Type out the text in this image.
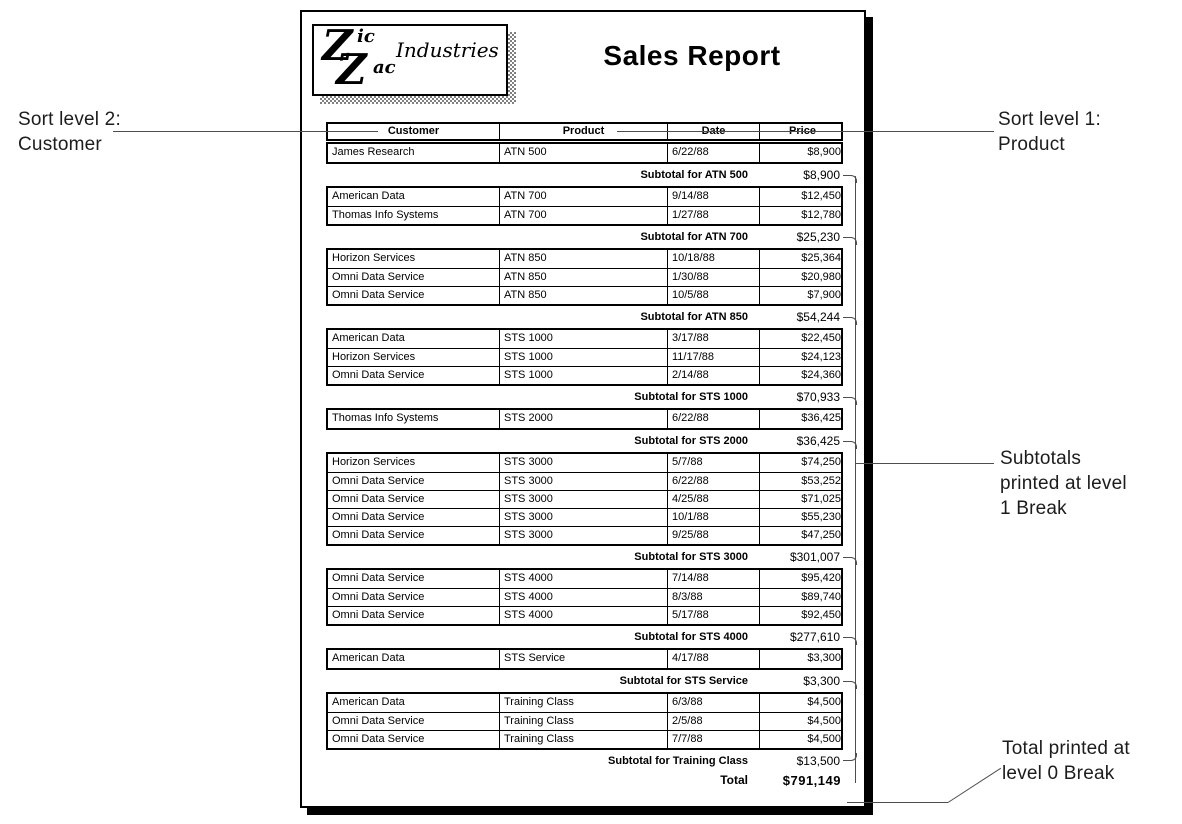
Z ic
Z ac
Industries	Sales Report
Customer	Product	Date	Price
James Research	ATN 500	6/22/88	$8,900
Subtotal for ATN 500	$8,900
American Data	ATN 700	9/14/88	$12,450
Thomas Info Systems	ATN 700	1/27/88	$12,780
Subtotal for ATN 700	$25,230
Horizon Services	ATN 850	10/18/88	$25,364
Omni Data Service	ATN 850	1/30/88	$20,980
Omni Data Service	ATN 850	10/5/88	$7,900
Subtotal for ATN 850	$54,244
American Data	STS 1000	3/17/88	$22,450
Horizon Services	STS 1000	11/17/88	$24,123
Omni Data Service	STS 1000	2/14/88	$24,360
Subtotal for STS 1000	$70,933
Thomas Info Systems	STS 2000	6/22/88	$36,425
Subtotal for STS 2000	$36,425
Horizon Services	STS 3000	5/7/88	$74,250
Omni Data Service	STS 3000	6/22/88	$53,252
Omni Data Service	STS 3000	4/25/88	$71,025
Omni Data Service	STS 3000	10/1/88	$55,230
Omni Data Service	STS 3000	9/25/88	$47,250
Subtotal for STS 3000	$301,007
Omni Data Service	STS 4000	7/14/88	$95,420
Omni Data Service	STS 4000	8/3/88	$89,740
Omni Data Service	STS 4000	5/17/88	$92,450
Subtotal for STS 4000	$277,610
American Data	STS Service	4/17/88	$3,300
Subtotal for STS Service	$3,300
American Data	Training Class	6/3/88	$4,500
Omni Data Service	Training Class	2/5/88	$4,500
Omni Data Service	Training Class	7/7/88	$4,500
Subtotal for Training Class	$13,500
Total	$791,149
Sort level 2:
Customer
Sort level 1:
Product
Subtotals
printed at level
1 Break
Total printed at
level 0 Break
